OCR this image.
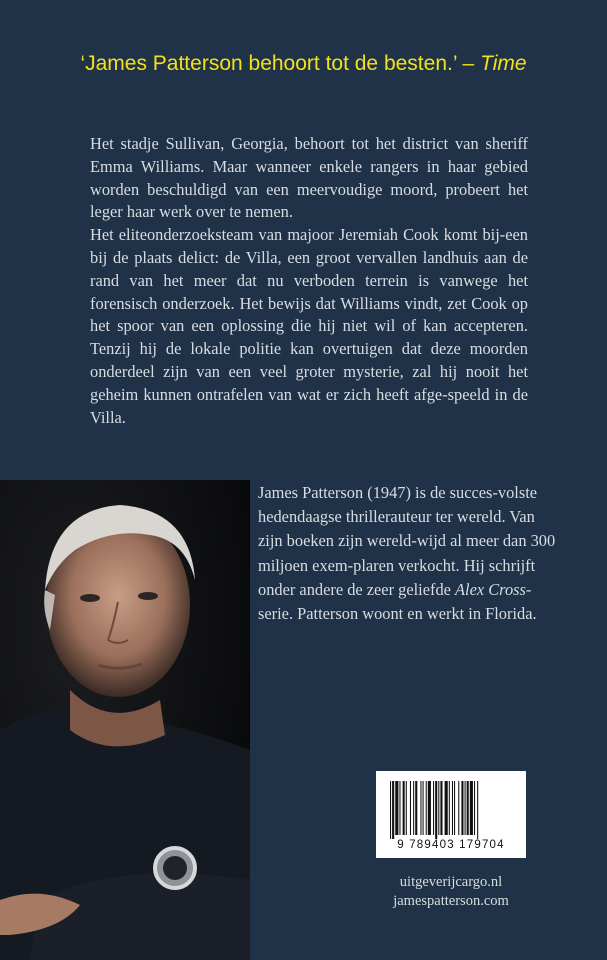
‘James Patterson behoort tot de besten.’ – Time

Het stadje Sullivan, Georgia, behoort tot het district van sheriff Emma Williams. Maar wanneer enkele rangers in haar gebied worden beschuldigd van een meervoudige moord, probeert het leger haar werk over te nemen.

Het eliteonderzoeksteam van majoor Jeremiah Cook komt bij-een bij de plaats delict: de Villa, een groot vervallen landhuis aan de rand van het meer dat nu verboden terrein is vanwege het forensisch onderzoek. Het bewijs dat Williams vindt, zet Cook op het spoor van een oplossing die hij niet wil of kan accepteren. Tenzij hij de lokale politie kan overtuigen dat deze moorden onderdeel zijn van een veel groter mysterie, zal hij nooit het geheim kunnen ontrafelen van wat er zich heeft afge-speeld in de Villa.

James Patterson (1947) is de succes-volste hedendaagse thrillerauteur ter wereld. Van zijn boeken zijn wereld-wijd al meer dan 300 miljoen exem-plaren verkocht. Hij schrijft onder andere de zeer geliefde Alex Cross-serie. Patterson woont en werkt in Florida.

9 789403 179704
uitgeverijcargo.nl
jamespatterson.com
